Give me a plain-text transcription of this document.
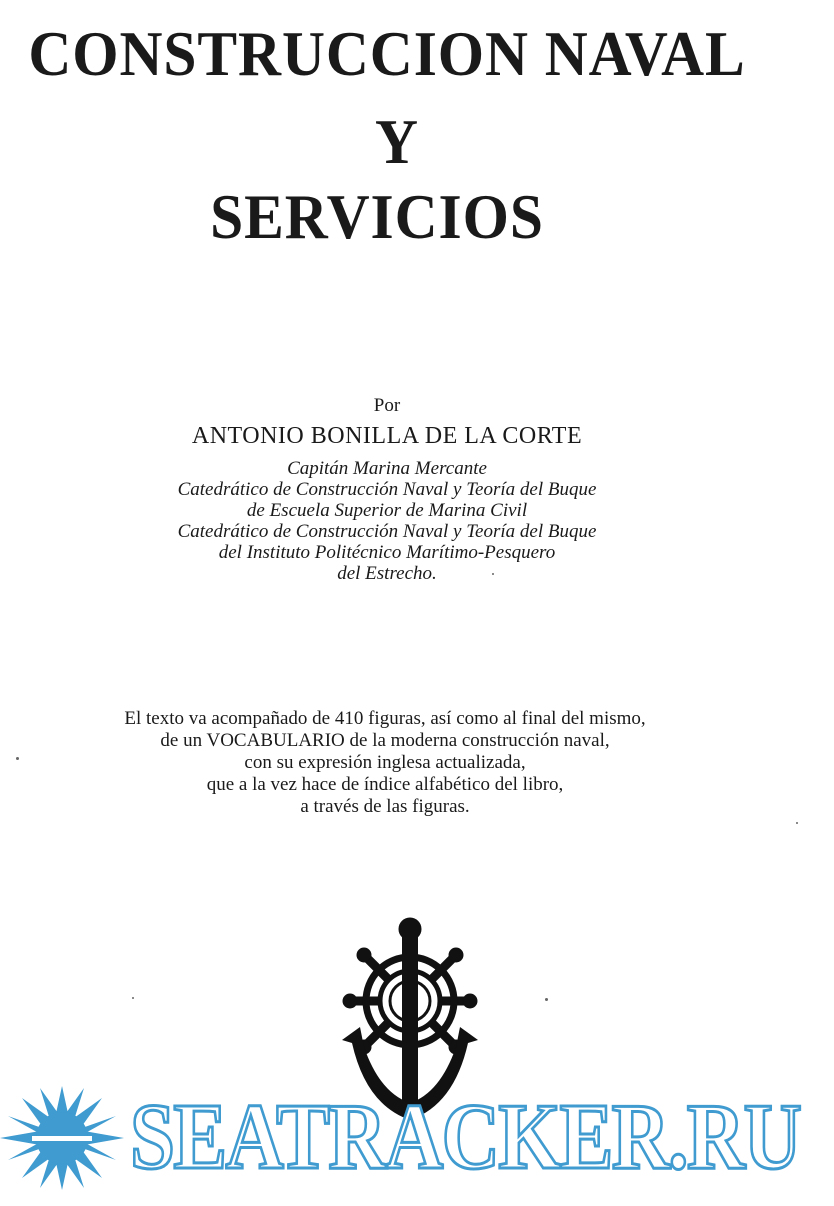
CONSTRUCCION NAVAL
Y
SERVICIOS
Por
ANTONIO BONILLA DE LA CORTE
Capitán Marina Mercante
Catedrático de Construcción Naval y Teoría del Buque
de Escuela Superior de Marina Civil
Catedrático de Construcción Naval y Teoría del Buque
del Instituto Politécnico Marítimo-Pesquero
del Estrecho.
El texto va acompañado de 410 figuras, así como al final del mismo,
de un VOCABULARIO de la moderna construcción naval,
con su expresión inglesa actualizada,
que a la vez hace de índice alfabético del libro,
a través de las figuras.
SEATRACKER.RU
